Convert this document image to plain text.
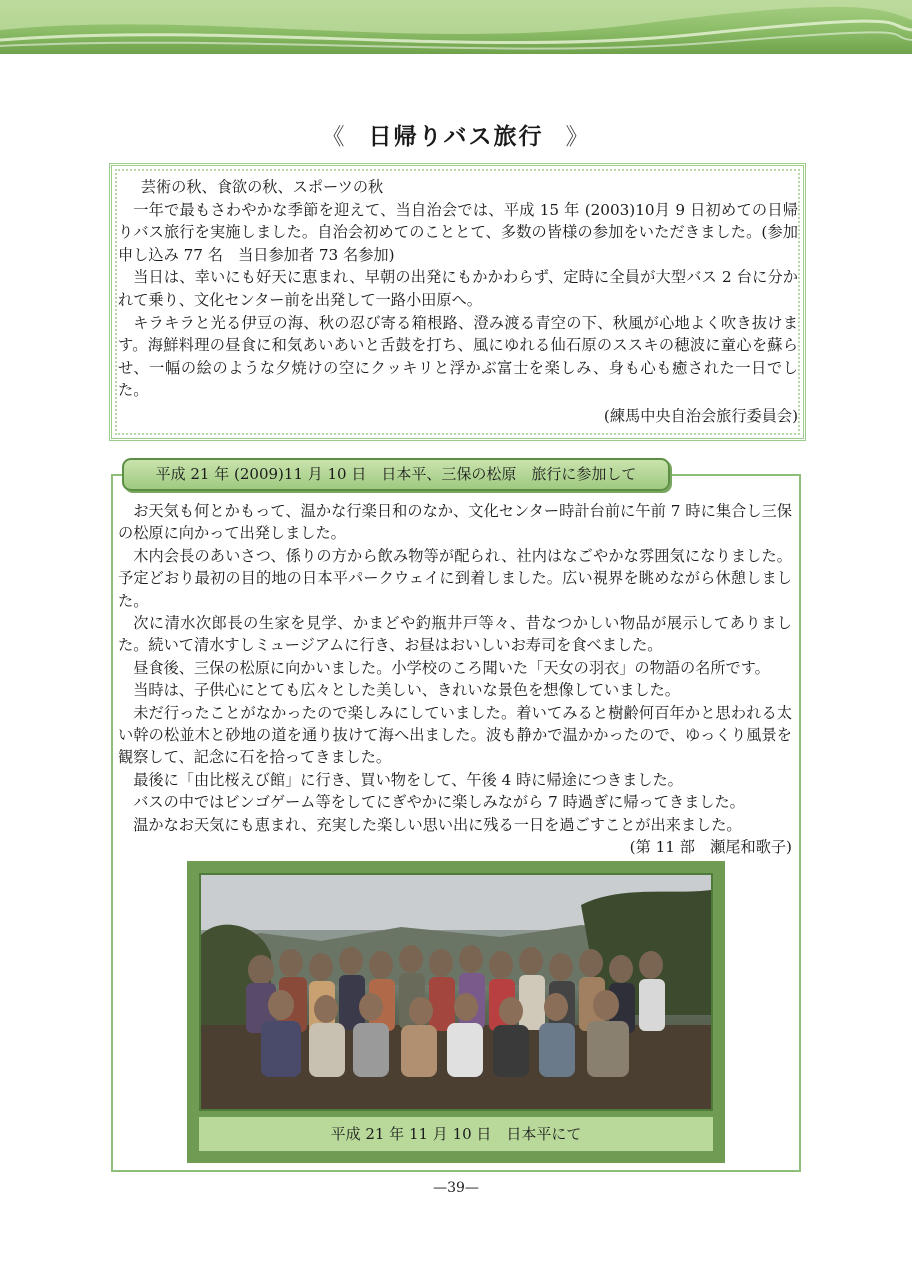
《 日帰りバス旅行 》

芸術の秋、食欲の秋、スポーツの秋

一年で最もさわやかな季節を迎えて、当自治会では、平成 15 年 (2003)10月 9 日初めての日帰りバス旅行を実施しました。自治会初めてのこととて、多数の皆様の参加をいただきました。(参加申し込み 77 名　当日参加者 73 名参加)

当日は、幸いにも好天に恵まれ、早朝の出発にもかかわらず、定時に全員が大型バス 2 台に分かれて乗り、文化センター前を出発して一路小田原へ。

キラキラと光る伊豆の海、秋の忍び寄る箱根路、澄み渡る青空の下、秋風が心地よく吹き抜けます。海鮮料理の昼食に和気あいあいと舌鼓を打ち、風にゆれる仙石原のススキの穂波に童心を蘇らせ、一幅の絵のような夕焼けの空にクッキリと浮かぶ富士を楽しみ、身も心も癒された一日でした。

(練馬中央自治会旅行委員会)

平成 21 年 (2009)11 月 10 日　日本平、三保の松原　旅行に参加して

お天気も何とかもって、温かな行楽日和のなか、文化センター時計台前に午前 7 時に集合し三保の松原に向かって出発しました。

木内会長のあいさつ、係りの方から飲み物等が配られ、社内はなごやかな雰囲気になりました。予定どおり最初の目的地の日本平パークウェイに到着しました。広い視界を眺めながら休憩しました。

次に清水次郎長の生家を見学、かまどや釣瓶井戸等々、昔なつかしい物品が展示してありました。続いて清水すしミュージアムに行き、お昼はおいしいお寿司を食べました。

昼食後、三保の松原に向かいました。小学校のころ聞いた「天女の羽衣」の物語の名所です。

当時は、子供心にとても広々とした美しい、きれいな景色を想像していました。

未だ行ったことがなかったので楽しみにしていました。着いてみると樹齢何百年かと思われる太い幹の松並木と砂地の道を通り抜けて海へ出ました。波も静かで温かかったので、ゆっくり風景を観察して、記念に石を拾ってきました。

最後に「由比桜えび館」に行き、買い物をして、午後 4 時に帰途につきました。

バスの中ではビンゴゲーム等をしてにぎやかに楽しみながら 7 時過ぎに帰ってきました。

温かなお天気にも恵まれ、充実した楽しい思い出に残る一日を過ごすことが出来ました。

(第 11 部　瀬尾和歌子)

平成 21 年 11 月 10 日　日本平にて
—39—
